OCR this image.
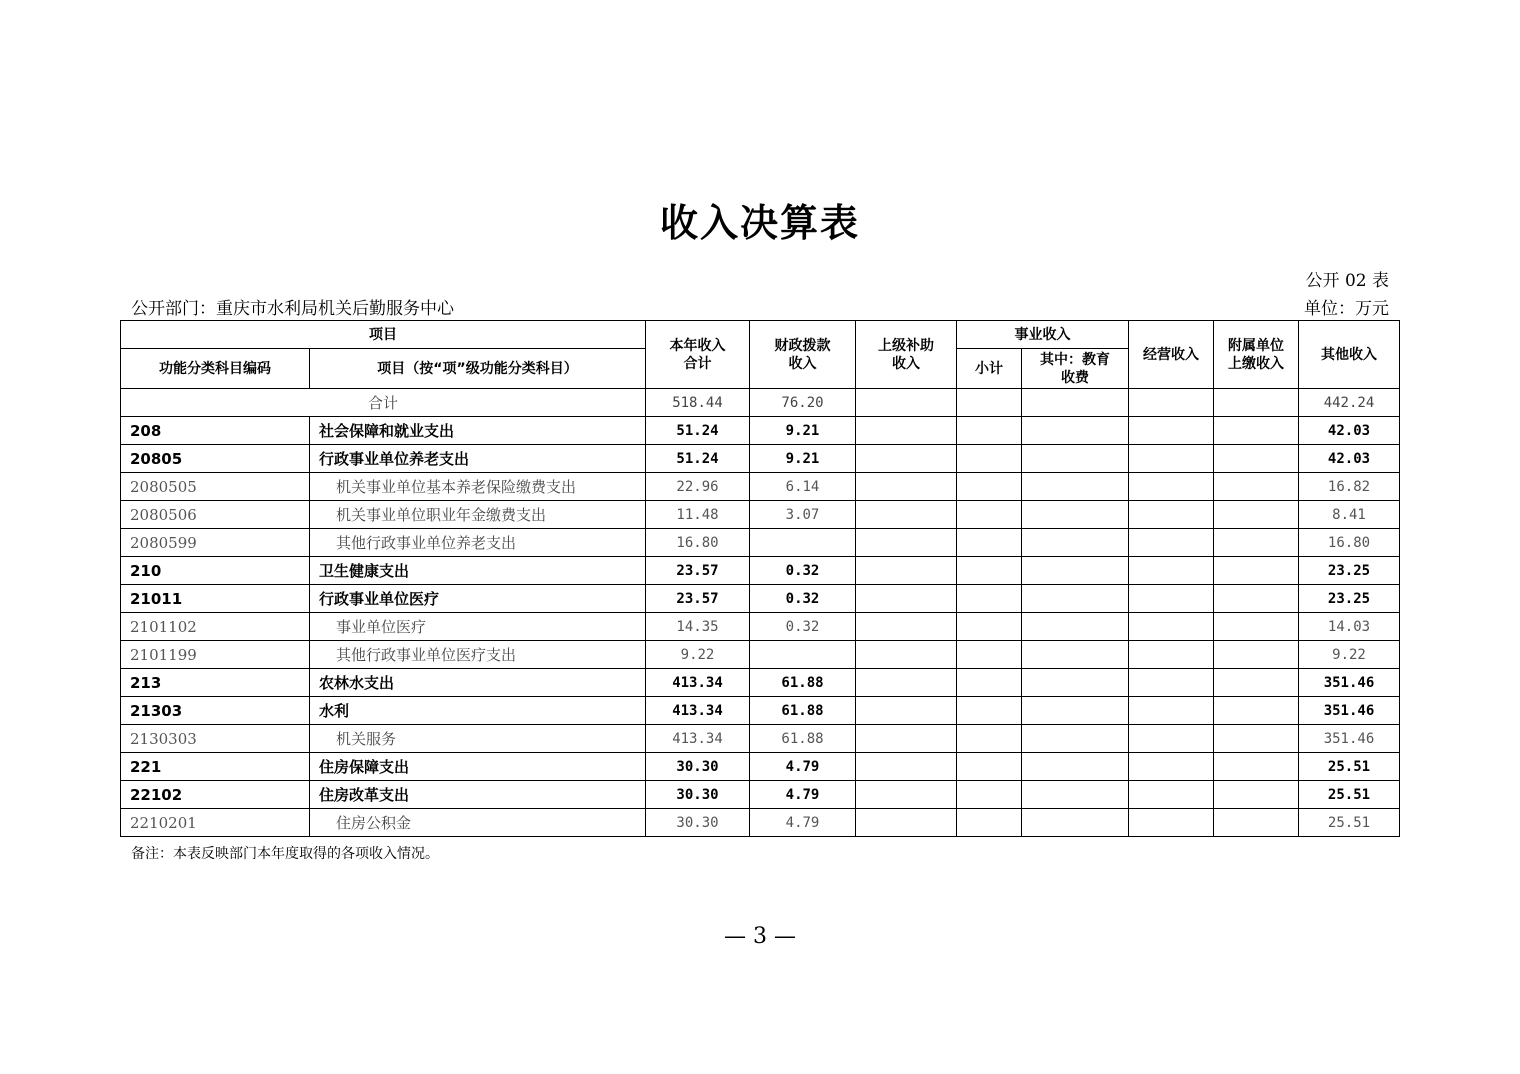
收入决算表
公开 02 表
公开部门：重庆市水利局机关后勤服务中心	单位：万元
项目		本年收入合计	财政拨款收入	上级补助收入	事业收入		经营收入	附属单位上缴收入	其他收入
功能分类科目编码	项目（按“项”级功能分类科目）				小计	其中：教育收费			
合计		518.44	76.20						442.24
208	社会保障和就业支出	51.24	9.21						42.03
20805	行政事业单位养老支出	51.24	9.21						42.03
2080505	机关事业单位基本养老保险缴费支出	22.96	6.14						16.82
2080506	机关事业单位职业年金缴费支出	11.48	3.07						8.41
2080599	其他行政事业单位养老支出	16.80							16.80
210	卫生健康支出	23.57	0.32						23.25
21011	行政事业单位医疗	23.57	0.32						23.25
2101102	事业单位医疗	14.35	0.32						14.03
2101199	其他行政事业单位医疗支出	9.22							9.22
213	农林水支出	413.34	61.88						351.46
21303	水利	413.34	61.88						351.46
2130303	机关服务	413.34	61.88						351.46
221	住房保障支出	30.30	4.79						25.51
22102	住房改革支出	30.30	4.79						25.51
2210201	住房公积金	30.30	4.79						25.51
备注：本表反映部门本年度取得的各项收入情况。
— 3 —
